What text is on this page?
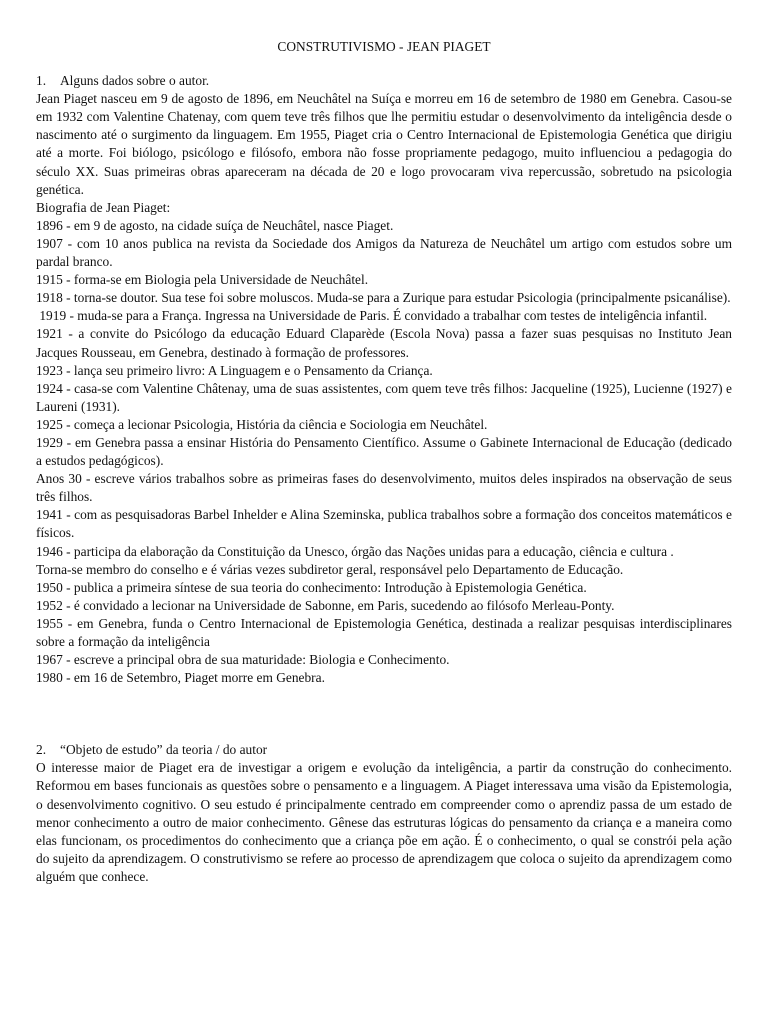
CONSTRUTIVISMO - JEAN PIAGET

1. Alguns dados sobre o autor.

Jean Piaget nasceu em 9 de agosto de 1896, em Neuchâtel na Suíça e morreu em 16 de setembro de 1980 em Genebra. Casou-se em 1932 com Valentine Chatenay, com quem teve três filhos que lhe permitiu estudar o desenvolvimento da inteligência desde o nascimento até o surgimento da linguagem. Em 1955, Piaget cria o Centro Internacional de Epistemologia Genética que dirigiu até a morte. Foi biólogo, psicólogo e filósofo, embora não fosse propriamente pedagogo, muito influenciou a pedagogia do século XX. Suas primeiras obras apareceram na década de 20 e logo provocaram viva repercussão, sobretudo na psicologia genética.

Biografia de Jean Piaget:

1896 - em 9 de agosto, na cidade suíça de Neuchâtel, nasce Piaget.

1907 - com 10 anos publica na revista da Sociedade dos Amigos da Natureza de Neuchâtel um artigo com estudos sobre um pardal branco.

1915 - forma-se em Biologia pela Universidade de Neuchâtel.

1918 - torna-se doutor. Sua tese foi sobre moluscos. Muda-se para a Zurique para estudar Psicologia (principalmente psicanálise).

1919 - muda-se para a França. Ingressa na Universidade de Paris. É convidado a trabalhar com testes de inteligência infantil.

1921 - a convite do Psicólogo da educação Eduard Claparède (Escola Nova) passa a fazer suas pesquisas no Instituto Jean Jacques Rousseau, em Genebra, destinado à formação de professores.

1923 - lança seu primeiro livro: A Linguagem e o Pensamento da Criança.

1924 - casa-se com Valentine Châtenay, uma de suas assistentes, com quem teve três filhos: Jacqueline (1925), Lucienne (1927) e Laureni (1931).

1925 - começa a lecionar Psicologia, História da ciência e Sociologia em Neuchâtel.

1929 - em Genebra passa a ensinar História do Pensamento Científico. Assume o Gabinete Internacional de Educação (dedicado a estudos pedagógicos).

Anos 30 - escreve vários trabalhos sobre as primeiras fases do desenvolvimento, muitos deles inspirados na observação de seus três filhos.

1941 - com as pesquisadoras Barbel Inhelder e Alina Szeminska, publica trabalhos sobre a formação dos conceitos matemáticos e físicos.

1946 - participa da elaboração da Constituição da Unesco, órgão das Nações unidas para a educação, ciência e cultura .

Torna-se membro do conselho e é várias vezes subdiretor geral, responsável pelo Departamento de Educação.

1950 - publica a primeira síntese de sua teoria do conhecimento: Introdução à Epistemologia Genética.

1952 - é convidado a lecionar na Universidade de Sabonne, em Paris, sucedendo ao filósofo Merleau-Ponty.

1955 - em Genebra, funda o Centro Internacional de Epistemologia Genética, destinada a realizar pesquisas interdisciplinares sobre a formação da inteligência

1967 - escreve a principal obra de sua maturidade: Biologia e Conhecimento.

1980 - em 16 de Setembro, Piaget morre em Genebra.

2. “Objeto de estudo” da teoria / do autor

O interesse maior de Piaget era de investigar a origem e evolução da inteligência, a partir da construção do conhecimento. Reformou em bases funcionais as questões sobre o pensamento e a linguagem. A Piaget interessava uma visão da Epistemologia, o desenvolvimento cognitivo. O seu estudo é principalmente centrado em compreender como o aprendiz passa de um estado de menor conhecimento a outro de maior conhecimento. Gênese das estruturas lógicas do pensamento da criança e a maneira como elas funcionam, os procedimentos do conhecimento que a criança põe em ação. É o conhecimento, o qual se constrói pela ação do sujeito da aprendizagem. O construtivismo se refere ao processo de aprendizagem que coloca o sujeito da aprendizagem como alguém que conhece.
